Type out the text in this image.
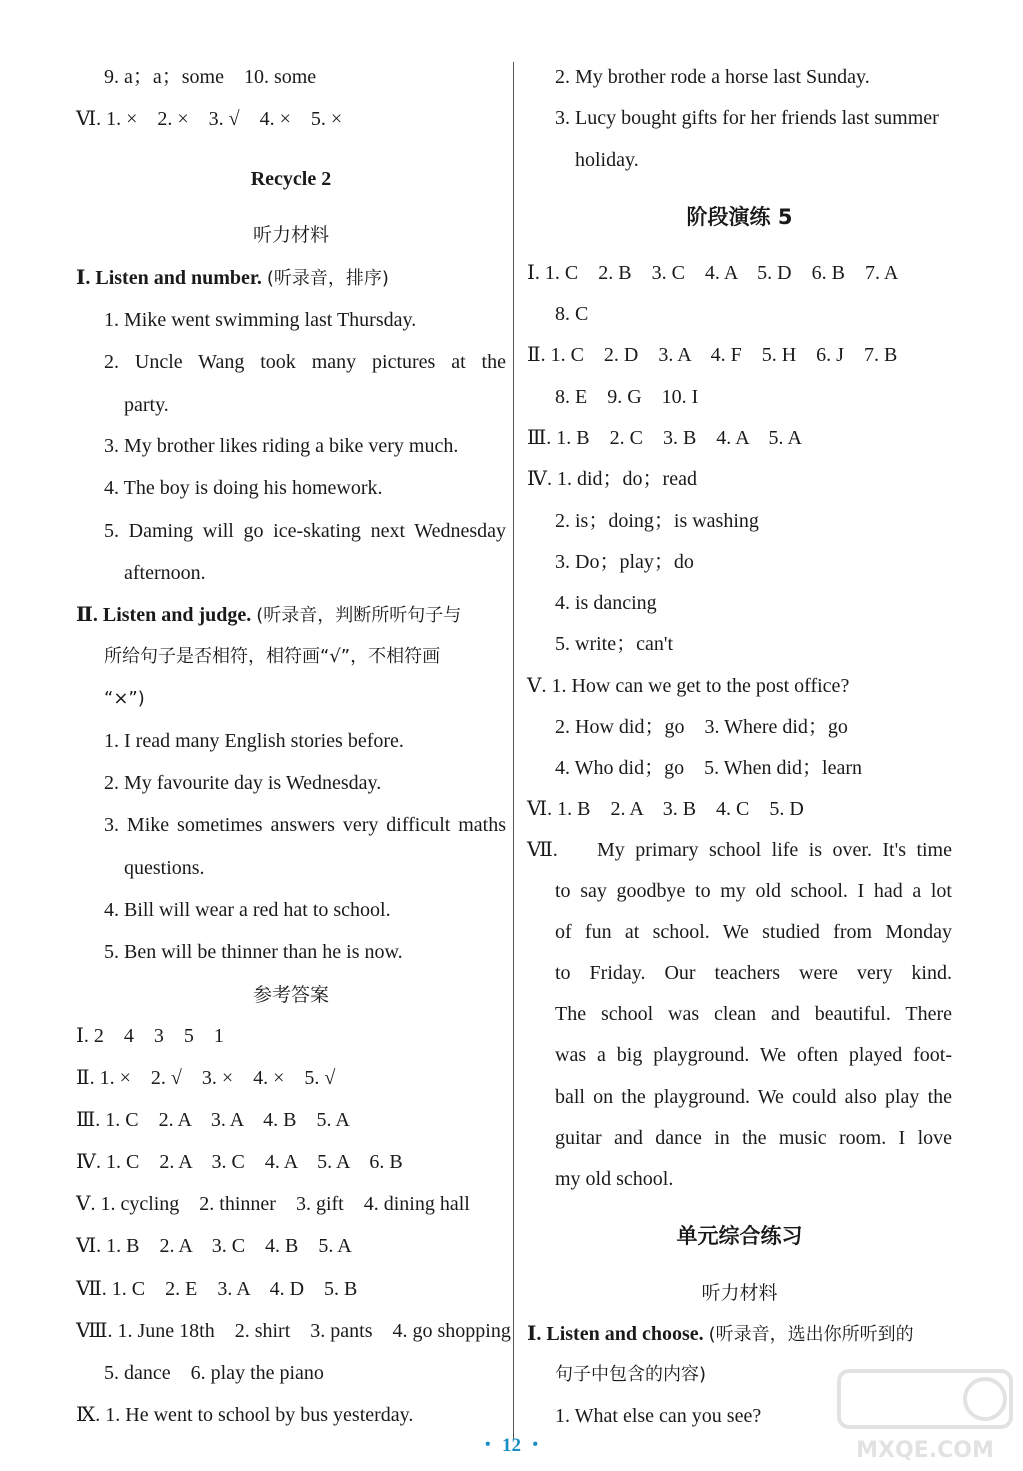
9. a；a；some　10. some
Ⅵ. 1. ×　2. ×　3. √　4. ×　5. ×
Recycle 2
听力材料
Ⅰ. Listen and number. (听录音，排序)
1. Mike went swimming last Thursday.
2. Uncle Wang took many pictures at the
party.
3. My brother likes riding a bike very much.
4. The boy is doing his homework.
5. Daming will go ice-skating next Wednesday
afternoon.
Ⅱ. Listen and judge. (听录音，判断所听句子与
所给句子是否相符，相符画“√”，不相符画
“×”)
1. I read many English stories before.
2. My favourite day is Wednesday.
3. Mike sometimes answers very difficult maths
questions.
4. Bill will wear a red hat to school.
5. Ben will be thinner than he is now.
参考答案
Ⅰ. 2　4　3　5　1
Ⅱ. 1. ×　2. √　3. ×　4. ×　5. √
Ⅲ. 1. C　2. A　3. A　4. B　5. A
Ⅳ. 1. C　2. A　3. C　4. A　5. A　6. B
Ⅴ. 1. cycling　2. thinner　3. gift　4. dining hall
Ⅵ. 1. B　2. A　3. C　4. B　5. A
Ⅶ. 1. C　2. E　3. A　4. D　5. B
Ⅷ. 1. June 18th　2. shirt　3. pants　4. go shopping
5. dance　6. play the piano
Ⅸ. 1. He went to school by bus yesterday.
2. My brother rode a horse last Sunday.
3. Lucy bought gifts for her friends last summer
holiday.
阶段演练 5
Ⅰ. 1. C　2. B　3. C　4. A　5. D　6. B　7. A
8. C
Ⅱ. 1. C　2. D　3. A　4. F　5. H　6. J　7. B
8. E　9. G　10. I
Ⅲ. 1. B　2. C　3. B　4. A　5. A
Ⅳ. 1. did；do；read
2. is；doing；is washing
3. Do；play；do
4. is dancing
5. write；can't
Ⅴ. 1. How can we get to the post office?
2. How did；go　3. Where did；go
4. Who did；go　5. When did；learn
Ⅵ. 1. B　2. A　3. B　4. C　5. D
Ⅶ. My primary school life is over. It's time
to say goodbye to my old school. I had a lot
of fun at school. We studied from Monday
to Friday. Our teachers were very kind.
The school was clean and beautiful. There
was a big playground. We often played foot-
ball on the playground. We could also play the
guitar and dance in the music room. I love
my old school.
单元综合练习
听力材料
Ⅰ. Listen and choose. (听录音，选出你所听到的
句子中包含的内容)
1. What else can you see?
・ 12 ・	MXQE.COM
